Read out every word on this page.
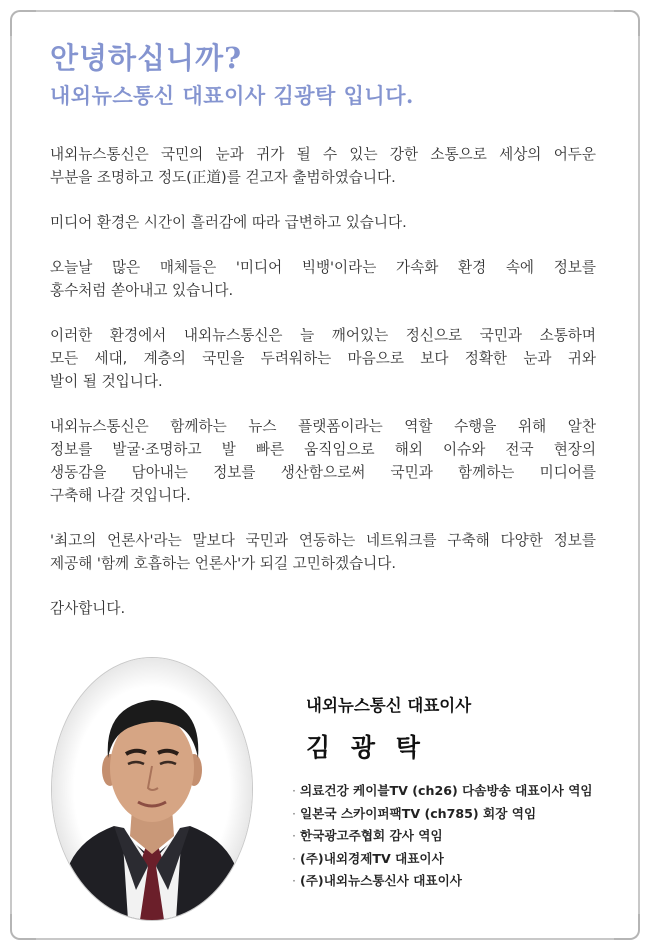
안녕하십니까?
내외뉴스통신 대표이사 김광탁 입니다.

내외뉴스통신은 국민의 눈과 귀가 될 수 있는 강한 소통으로 세상의 어두운
부분을 조명하고 정도(正道)를 걷고자 출범하였습니다.

미디어 환경은 시간이 흘러감에 따라 급변하고 있습니다.

오늘날 많은 매체들은 '미디어 빅뱅'이라는 가속화 환경 속에 정보를
홍수처럼 쏟아내고 있습니다.

이러한 환경에서 내외뉴스통신은 늘 깨어있는 정신으로 국민과 소통하며
모든 세대, 계층의 국민을 두려워하는 마음으로 보다 정확한 눈과 귀와
발이 될 것입니다.

내외뉴스통신은 함께하는 뉴스 플랫폼이라는 역할 수행을 위해 알찬
정보를 발굴·조명하고 발 빠른 움직임으로 해외 이슈와 전국 현장의
생동감을 담아내는 정보를 생산함으로써 국민과 함께하는 미디어를
구축해 나갈 것입니다.

'최고의 언론사'라는 말보다 국민과 연동하는 네트워크를 구축해 다양한 정보를
제공해 '함께 호흡하는 언론사'가 되길 고민하겠습니다.

감사합니다.

내외뉴스통신 대표이사

김 광 탁

· 의료건강 케이블TV (ch26) 다솜방송 대표이사 역임
· 일본국 스카이퍼팩TV (ch785) 회장 역임
· 한국광고주협회 감사 역임
· (주)내외경제TV 대표이사
· (주)내외뉴스통신사 대표이사
